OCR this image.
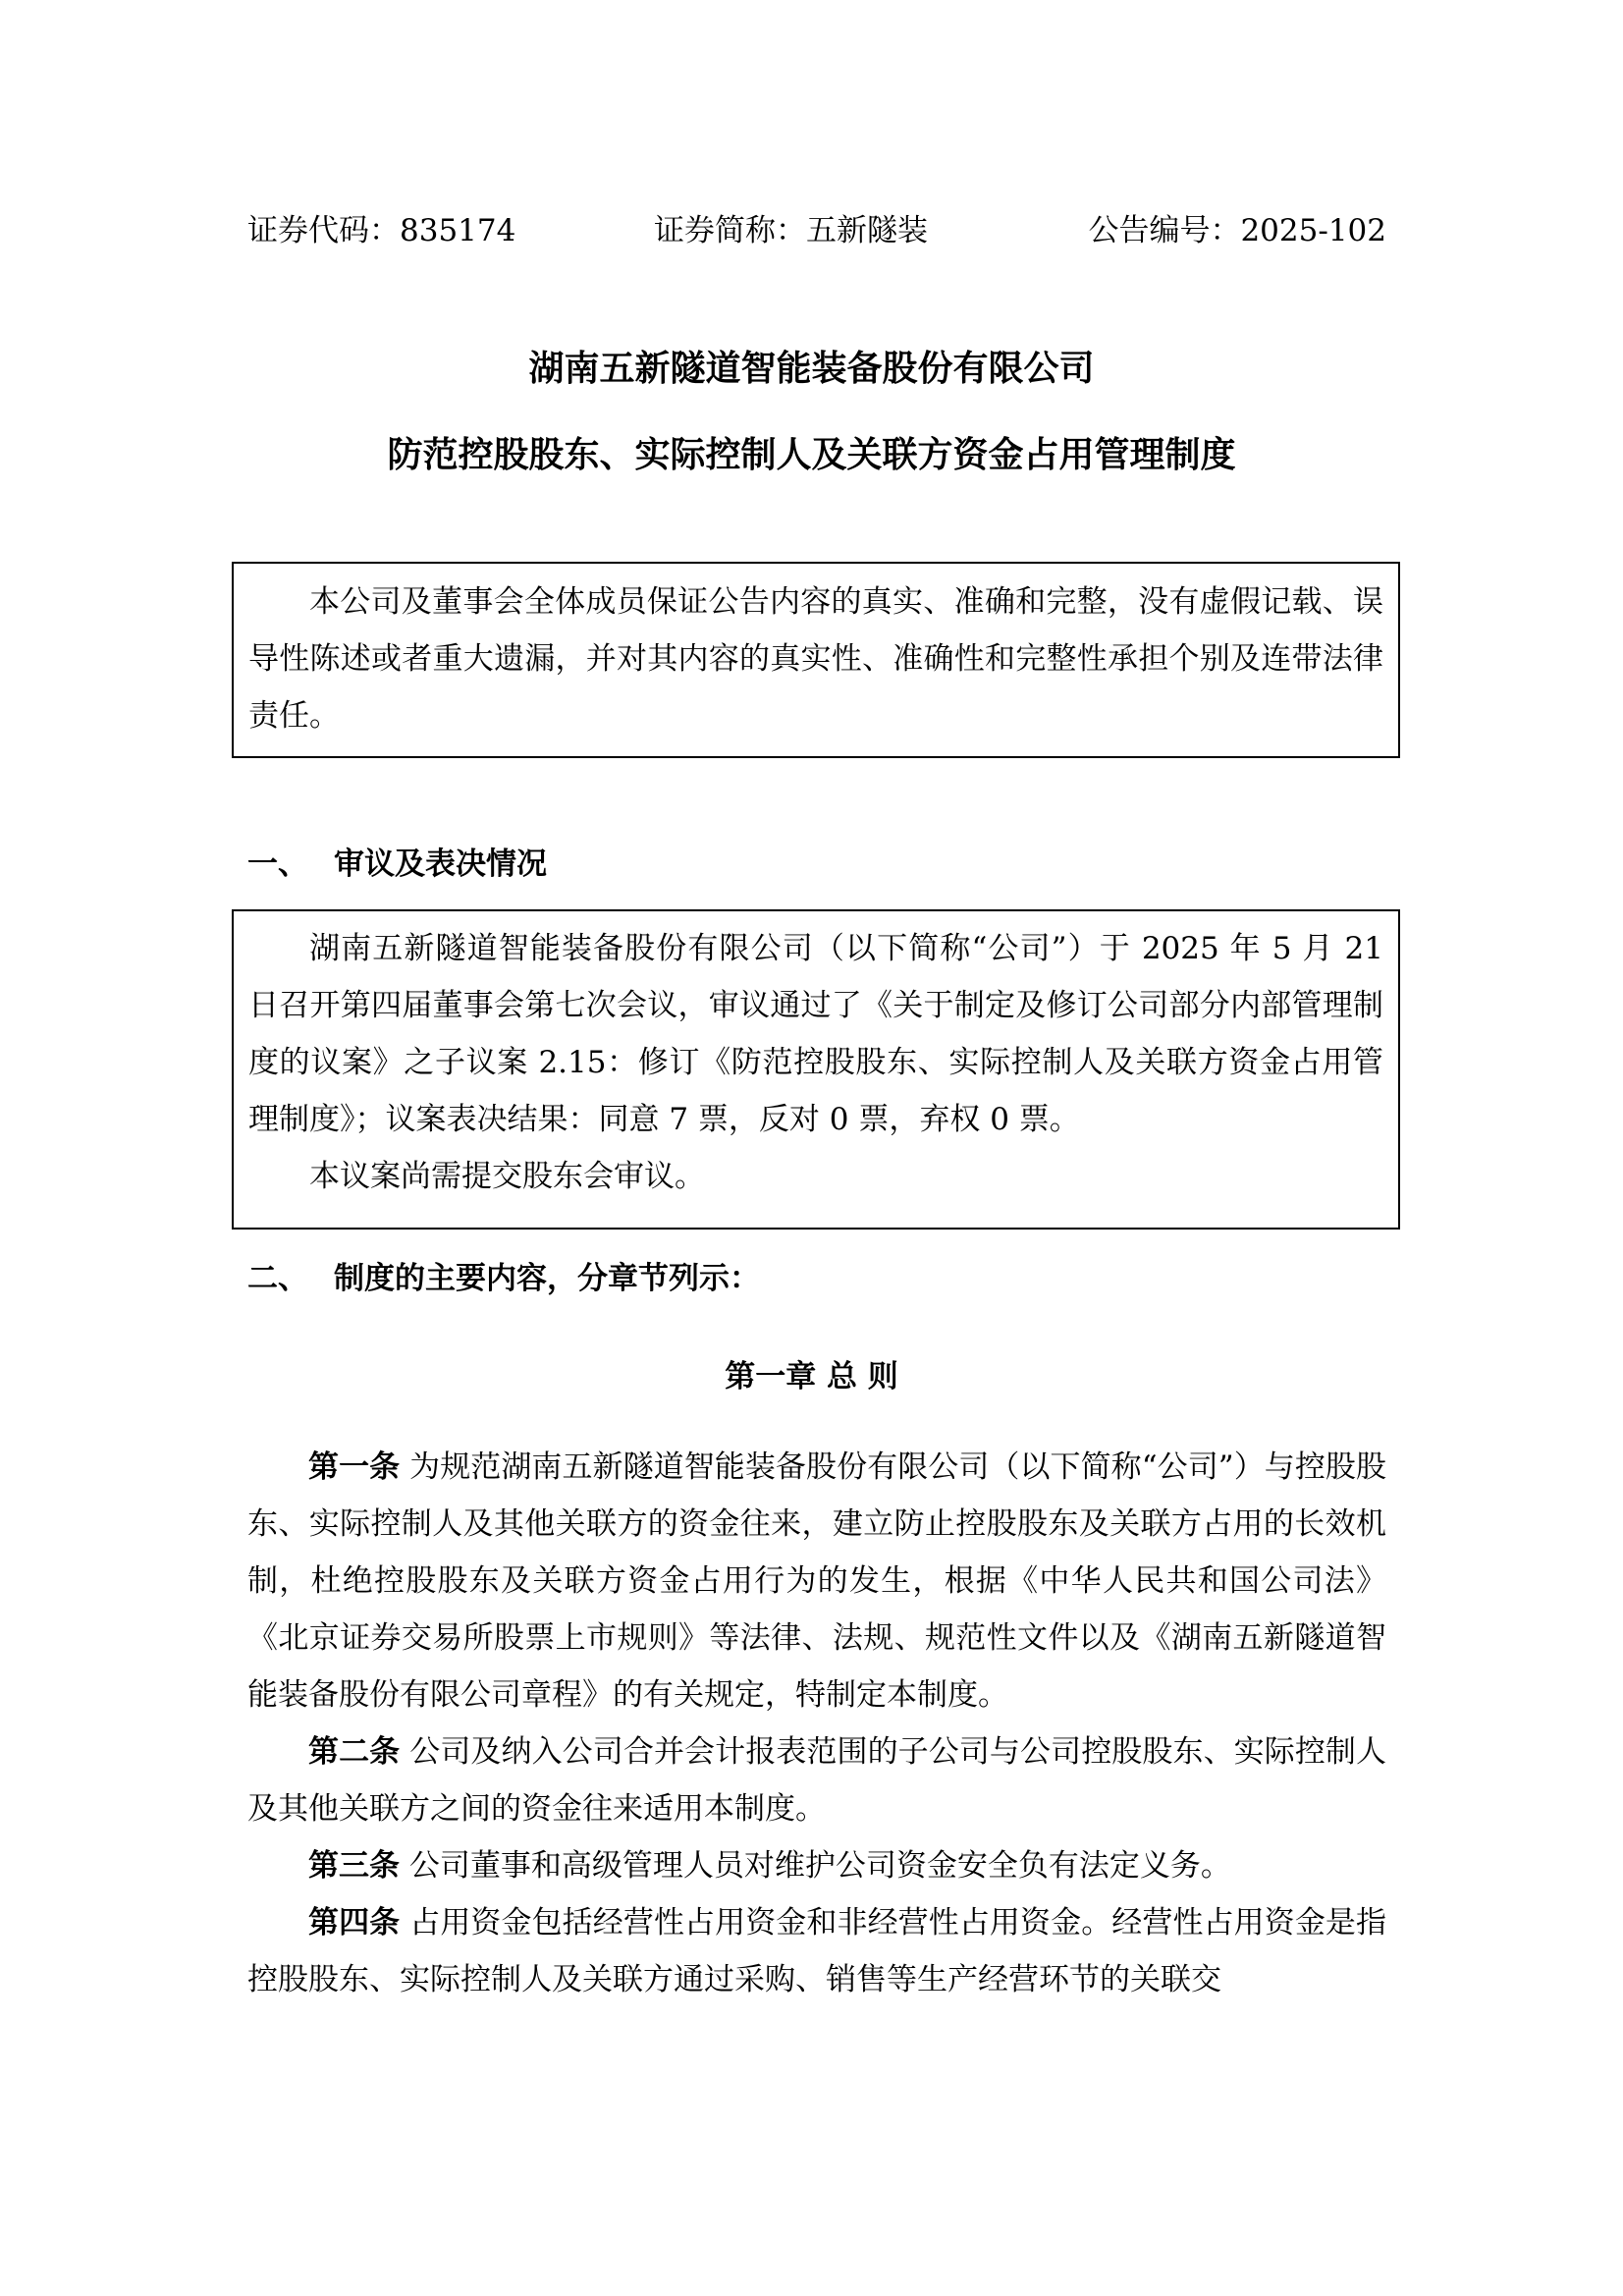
证券代码：835174	证券简称：五新隧装	公告编号：2025-102
湖南五新隧道智能装备股份有限公司
防范控股股东、实际控制人及关联方资金占用管理制度

本公司及董事会全体成员保证公告内容的真实、准确和完整，没有虚假记载、误导性陈述或者重大遗漏，并对其内容的真实性、准确性和完整性承担个别及连带法律责任。

一、 审议及表决情况

湖南五新隧道智能装备股份有限公司（以下简称“公司”）于 2025 年 5 月 21 日召开第四届董事会第七次会议，审议通过了《关于制定及修订公司部分内部管理制度的议案》之子议案 2.15：修订《防范控股股东、实际控制人及关联方资金占用管理制度》；议案表决结果：同意 7 票，反对 0 票，弃权 0 票。

本议案尚需提交股东会审议。

二、 制度的主要内容，分章节列示：
第一章 总 则

第一条 为规范湖南五新隧道智能装备股份有限公司（以下简称“公司”）与控股股东、实际控制人及其他关联方的资金往来，建立防止控股股东及关联方占用的长效机制，杜绝控股股东及关联方资金占用行为的发生，根据《中华人民共和国公司法》《北京证券交易所股票上市规则》等法律、法规、规范性文件以及《湖南五新隧道智能装备股份有限公司章程》的有关规定，特制定本制度。

第二条 公司及纳入公司合并会计报表范围的子公司与公司控股股东、实际控制人及其他关联方之间的资金往来适用本制度。

第三条 公司董事和高级管理人员对维护公司资金安全负有法定义务。

第四条 占用资金包括经营性占用资金和非经营性占用资金。经营性占用资金是指控股股东、实际控制人及关联方通过采购、销售等生产经营环节的关联交
